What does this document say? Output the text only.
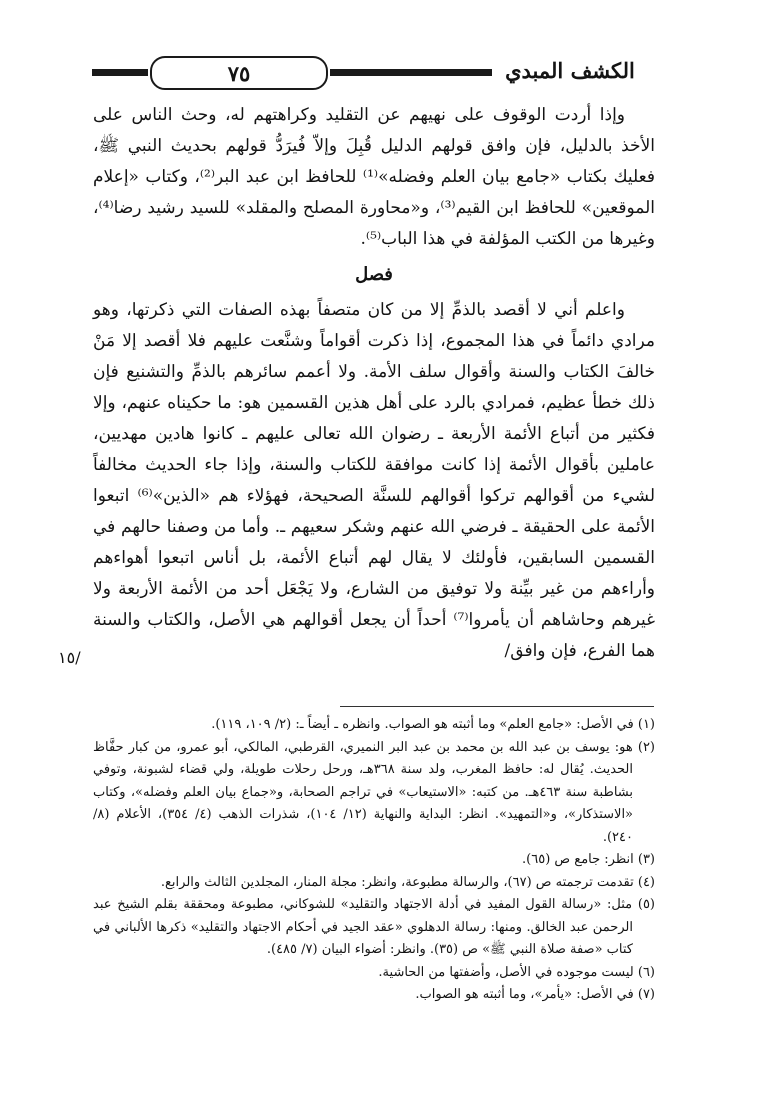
٧٥	الكشف المبدي

وإذا أردت الوقوف على نهيهم عن التقليد وكراهتهم له، وحث الناس على الأخذ بالدليل، فإن وافق قولهم الدليل قُبِلَ وإلاّ فُيرَدُّ قولهم بحديث النبي ﷺ، فعليك بكتاب «جامع بيان العلم وفضله»⁽¹⁾ للحافظ ابن عبد البر⁽²⁾، وكتاب «إعلام الموقعين» للحافظ ابن القيم⁽³⁾، و«محاورة المصلح والمقلد» للسيد رشيد رضا⁽⁴⁾، وغيرها من الكتب المؤلفة في هذا الباب⁽⁵⁾.

فصل

واعلم أني لا أقصد بالذمِّ إلا من كان متصفاً بهذه الصفات التي ذكرتها، وهو مرادي دائماً في هذا المجموع، إذا ذكرت أقواماً وشنَّعت عليهم فلا أقصد إلا مَنْ خالفَ الكتاب والسنة وأقوال سلف الأمة. ولا أعمم سائرهم بالذمِّ والتشنيع فإن ذلك خطأ عظيم، فمرادي بالرد على أهل هذين القسمين هو: ما حكيناه عنهم، وإلا فكثير من أتباع الأئمة الأربعة ـ رضوان الله تعالى عليهم ـ كانوا هادين مهديين، عاملين بأقوال الأئمة إذا كانت موافقة للكتاب والسنة، وإذا جاء الحديث مخالفاً لشيء من أقوالهم تركوا أقوالهم للسنَّة الصحيحة، فهؤلاء هم «الذين»⁽⁶⁾ اتبعوا الأئمة على الحقيقة ـ فرضي الله عنهم وشكر سعيهم ـ. وأما من وصفنا حالهم في القسمين السابقين، فأولئك لا يقال لهم أتباع الأئمة، بل أناس اتبعوا أهواءهم وأراءهم من غير بيِّنة ولا توفيق من الشارع، ولا يَجْعَل أحد من الأئمة الأربعة ولا غيرهم وحاشاهم أن يأمروا⁽⁷⁾ أحداً أن يجعل أقوالهم هي الأصل، والكتاب والسنة هما الفرع، فإن وافق/

١٥/

(١) في الأصل: «جامع العلم» وما أثبته هو الصواب. وانظره ـ أيضاً ـ: (٢/ ١٠٩، ١١٩).

(٢) هو: يوسف بن عبد الله بن محمد بن عبد البر النميري، القرطبي، المالكي، أبو عمرو، من كبار حفَّاظ الحديث. يُقال له: حافظ المغرب، ولد سنة ٣٦٨هـ، ورحل رحلات طويلة، ولي قضاء لشبونة، وتوفي بشاطبة سنة ٤٦٣هـ. من كتبه: «الاستيعاب» في تراجم الصحابة، و«جماع بيان العلم وفضله»، وكتاب «الاستذكار»، و«التمهيد». انظر: البداية والنهاية (١٢/ ١٠٤)، شذرات الذهب (٤/ ٣٥٤)، الأعلام (٨/ ٢٤٠).

(٣) انظر: جامع ص (٦٥).

(٤) تقدمت ترجمته ص (٦٧)، والرسالة مطبوعة، وانظر: مجلة المنار، المجلدين الثالث والرابع.

(٥) مثل: «رسالة القول المفيد في أدلة الاجتهاد والتقليد» للشوكاني، مطبوعة ومحققة بقلم الشيخ عبد الرحمن عبد الخالق. ومنها: رسالة الدهلوي «عقد الجيد في أحكام الاجتهاد والتقليد» ذكرها الألباني في كتاب «صفة صلاة النبي ﷺ» ص (٣٥). وانظر: أضواء البيان (٧/ ٤٨٥).

(٦) ليست موجوده في الأصل، وأضفتها من الحاشية.

(٧) في الأصل: «يأمر»، وما أثبته هو الصواب.
